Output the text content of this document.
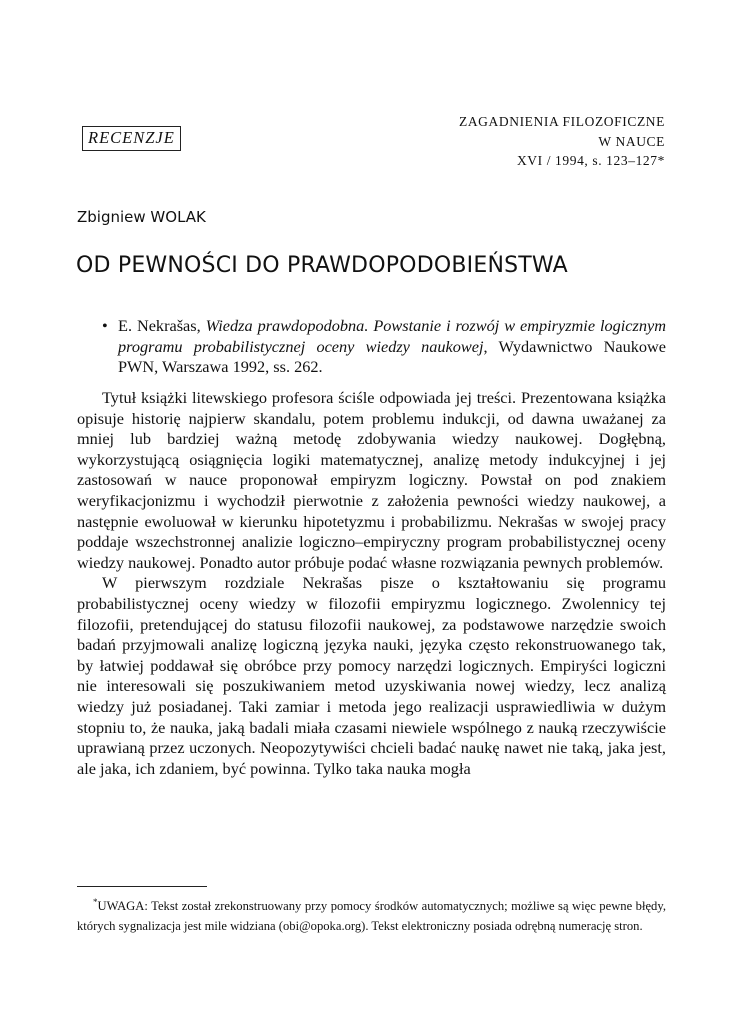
RECENZJE
ZAGADNIENIA FILOZOFICZNE
W NAUCE
XVI / 1994, s. 123–127*
Zbigniew WOLAK
OD PEWNOŚCI DO PRAWDOPODOBIEŃSTWA
• E. Nekrašas, Wiedza prawdopodobna. Powstanie i rozwój w empiryzmie logicznym programu probabilistycznej oceny wiedzy naukowej, Wydawnictwo Naukowe PWN, Warszawa 1992, ss. 262.

Tytuł książki litewskiego profesora ściśle odpowiada jej treści. Prezentowana książka opisuje historię najpierw skandalu, potem problemu indukcji, od dawna uważanej za mniej lub bardziej ważną metodę zdobywania wiedzy naukowej. Dogłębną, wykorzystującą osiągnięcia logiki matematycznej, analizę metody indukcyjnej i jej zastosowań w nauce proponował empiryzm logiczny. Powstał on pod znakiem weryfikacjonizmu i wychodził pierwotnie z założenia pewności wiedzy naukowej, a następnie ewoluował w kierunku hipotetyzmu i probabilizmu. Nekrašas w swojej pracy poddaje wszechstronnej analizie logiczno–empiryczny program probabilistycznej oceny wiedzy naukowej. Ponadto autor próbuje podać własne rozwiązania pewnych problemów.

W pierwszym rozdziale Nekrašas pisze o kształtowaniu się programu probabilistycznej oceny wiedzy w filozofii empiryzmu logicznego. Zwolennicy tej filozofii, pretendującej do statusu filozofii naukowej, za podstawowe narzędzie swoich badań przyjmowali analizę logiczną języka nauki, języka często rekonstruowanego tak, by łatwiej poddawał się obróbce przy pomocy narzędzi logicznych. Empiryści logiczni nie interesowali się poszukiwaniem metod uzyskiwania nowej wiedzy, lecz analizą wiedzy już posiadanej. Taki zamiar i metoda jego realizacji usprawiedliwia w dużym stopniu to, że nauka, jaką badali miała czasami niewiele wspólnego z nauką rzeczywiście uprawianą przez uczonych. Neopozytywiści chcieli badać naukę nawet nie taką, jaka jest, ale jaka, ich zdaniem, być powinna. Tylko taka nauka mogła

*UWAGA: Tekst został zrekonstruowany przy pomocy środków automatycznych; możliwe są więc pewne błędy, których sygnalizacja jest mile widziana (obi@opoka.org). Tekst elektroniczny posiada odrębną numerację stron.
